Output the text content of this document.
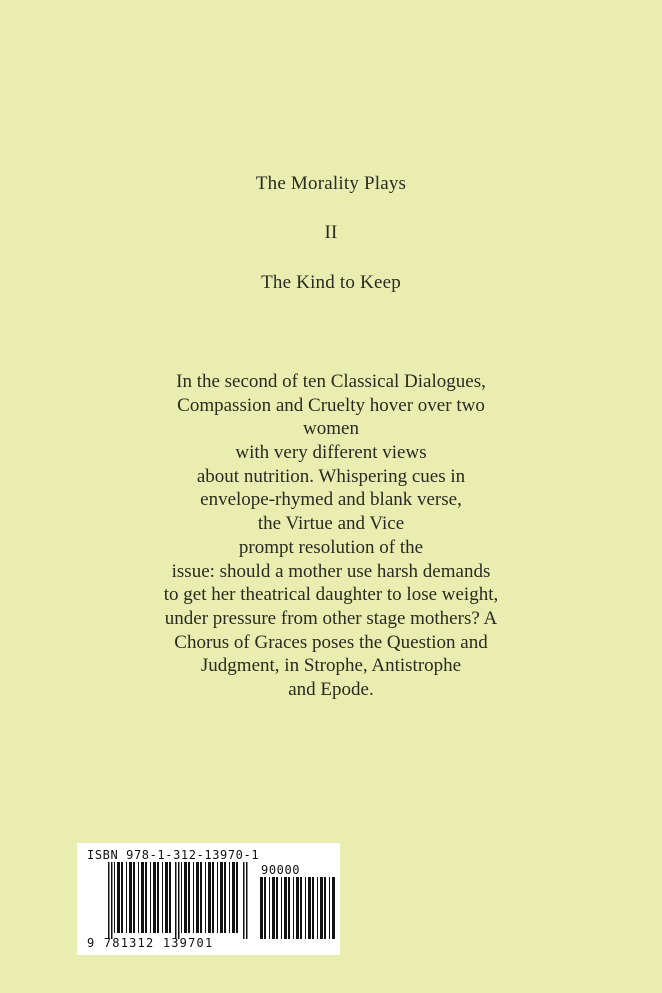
The Morality Plays
II
The Kind to Keep
In the second of ten Classical Dialogues,
Compassion and Cruelty hover over two
women
with very different views
about nutrition. Whispering cues in
envelope-rhymed and blank verse,
the Virtue and Vice
prompt resolution of the
issue: should a mother use harsh demands
to get her theatrical daughter to lose weight,
under pressure from other stage mothers? A
Chorus of Graces poses the Question and
Judgment, in Strophe, Antistrophe
and Epode.
ISBN 978-1-312-13970-1
90000
9 781312 139701
